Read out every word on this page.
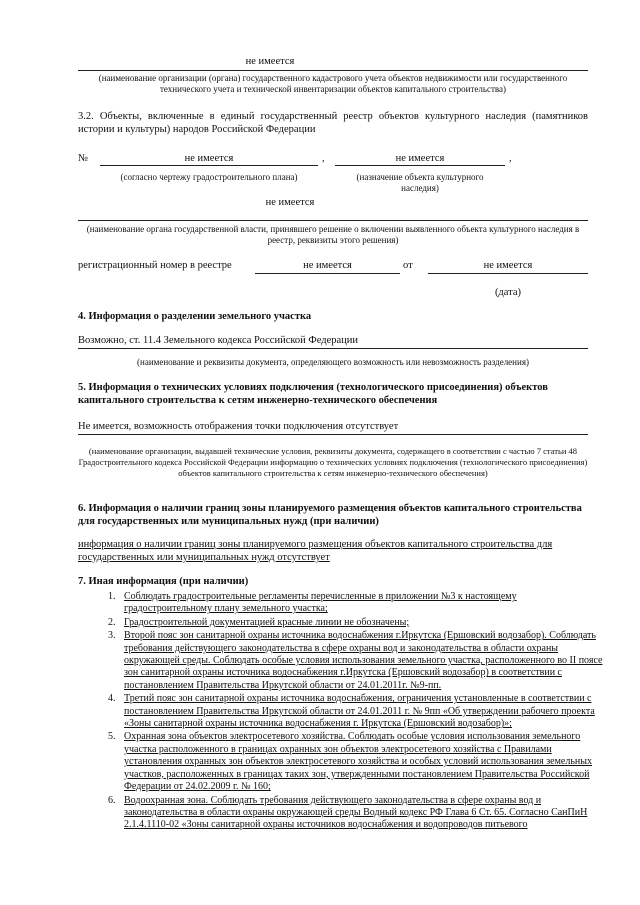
не имеется
(наименование организации (органа) государственного кадастрового учета объектов недвижимости или государственного технического учета и технической инвентаризации объектов капитального строительства)
3.2. Объекты, включенные в единый государственный реестр объектов культурного наследия (памятников истории и культуры) народов Российской Федерации
№	не имеется	,	не имеется	,
(согласно чертежу градостроительного плана)	(назначение объекта культурного наследия)
не имеется
(наименование органа государственной власти, принявшего решение о включении выявленного объекта культурного наследия в реестр, реквизиты этого решения)
регистрационный номер в реестре	не имеется	от	не имеется
(дата)
4. Информация о разделении земельного участка
Возможно, ст. 11.4 Земельного кодекса Российской Федерации
(наименование и реквизиты документа, определяющего возможность или невозможность разделения)
5. Информация о технических условиях подключения (технологического присоединения) объектов капитального строительства к сетям инженерно-технического обеспечения
Не имеется, возможность отображения точки подключения отсутствует
(наименование организации, выдавшей технические условия, реквизиты документа, содержащего в соответствии с частью 7 статьи 48 Градостроительного кодекса Российской Федерации информацию о технических условиях подключения (технологического присоединения) объектов капитального строительства к сетям инженерно-технического обеспечения)
6. Информация о наличии границ зоны планируемого размещения объектов капитального строительства для государственных или муниципальных нужд (при наличии)
информация о наличии границ зоны планируемого размещения объектов капитального строительства для государственных или муниципальных нужд отсутствует
7. Иная информация (при наличии)
1. Соблюдать градостроительные регламенты перечисленные в приложении №3 к настоящему градостроительному плану земельного участка;
2. Градостроительной документацией красные линии не обозначены;
3. Второй пояс зон санитарной охраны источника водоснабжения г.Иркутска (Ершовский водозабор). Соблюдать требования действующего законодательства в сфере охраны вод и законодательства в области охраны окружающей среды. Соблюдать особые условия использования земельного участка, расположенного во II поясе зон санитарной охраны источника водоснабжения г.Иркутска (Ершовский водозабор) в соответствии с постановлением Правительства Иркутской области от 24.01.2011г. №9-пп.
4. Третий пояс зон санитарной охраны источника водоснабжения, ограничения установленные в соответствии с постановлением Правительства Иркутской области от 24.01.2011 г. № 9пп «Об утверждении рабочего проекта «Зоны санитарной охраны источника водоснабжения г. Иркутска (Ершовский водозабор)»;
5. Охранная зона объектов электросетевого хозяйства. Соблюдать особые условия использования земельного участка расположенного в границах охранных зон объектов электросетевого хозяйства с Правилами установления охранных зон объектов электросетевого хозяйства и особых условий использования земельных участков, расположенных в границах таких зон, утвержденными постановлением Правительства Российской Федерации от 24.02.2009 г. № 160;
6. Водоохранная зона. Соблюдать требования действующего законодательства в сфере охраны вод и законодательства в области охраны окружающей среды Водный кодекс РФ Глава 6 Ст. 65. Согласно СанПиН 2.1.4.1110-02 «Зоны санитарной охраны источников водоснабжения и водопроводов питьевого
